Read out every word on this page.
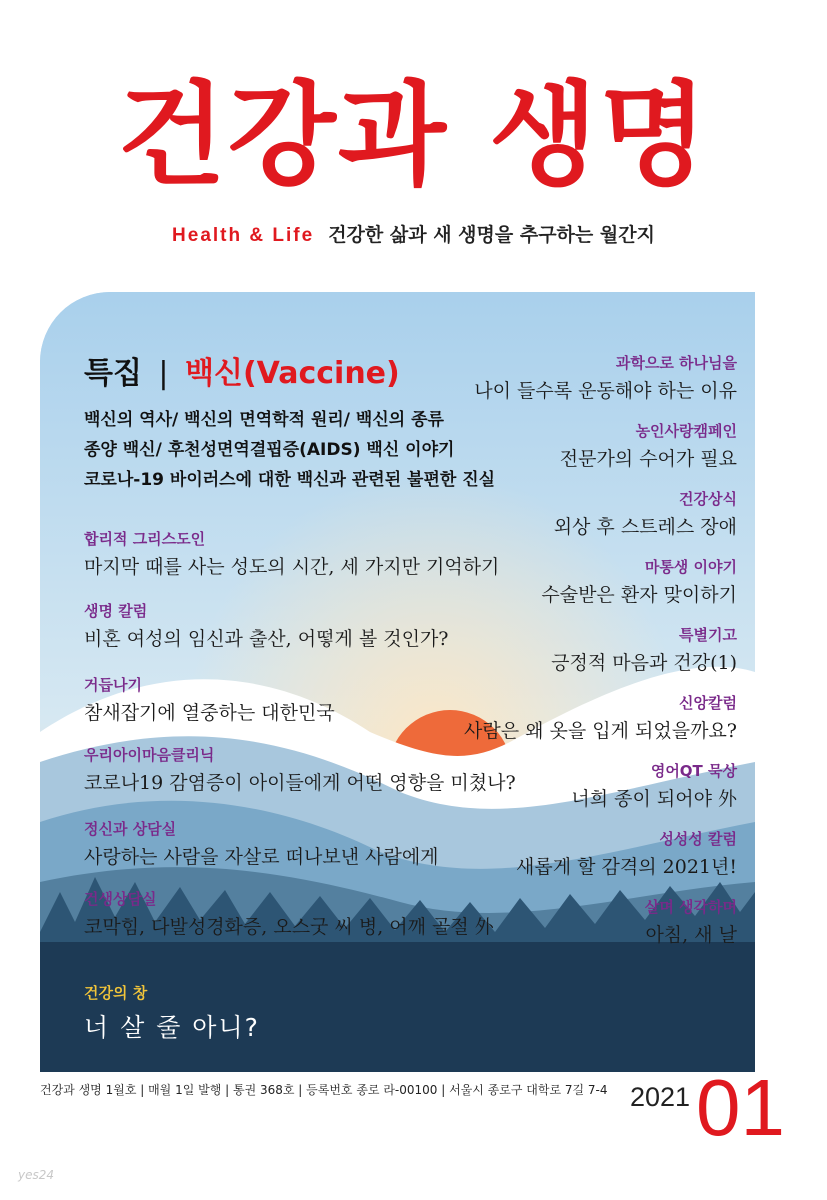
건강과 생명
Health & Life 건강한 삶과 새 생명을 추구하는 월간지
특집 | 백신(Vaccine)
백신의 역사/ 백신의 면역학적 원리/ 백신의 종류
종양 백신/ 후천성면역결핍증(AIDS) 백신 이야기
코로나-19 바이러스에 대한 백신과 관련된 불편한 진실
합리적 그리스도인
마지막 때를 사는 성도의 시간, 세 가지만 기억하기
생명 칼럼
비혼 여성의 임신과 출산, 어떻게 볼 것인가?
거듭나기
참새잡기에 열중하는 대한민국
우리아이마음클리닉
코로나19 감염증이 아이들에게 어떤 영향을 미쳤나?
정신과 상담실
사랑하는 사람을 자살로 떠나보낸 사람에게
건생상담실
코막힘, 다발성경화증, 오스굿 씨 병, 어깨 골절 外
과학으로 하나님을
나이 들수록 운동해야 하는 이유
농인사랑캠페인
전문가의 수어가 필요
건강상식
외상 후 스트레스 장애
마통생 이야기
수술받은 환자 맞이하기
특별기고
긍정적 마음과 건강(1)
신앙칼럼
사람은 왜 옷을 입게 되었을까요?
영어QT 묵상
너희 종이 되어야 外
성성성 칼럼
새롭게 할 감격의 2021년!
살며 생각하며
아침, 새 날
건강의 창
너 살 줄 아니?
건강과 생명 1월호 | 매월 1일 발행 | 통권 368호 | 등록번호 종로 라-00100 | 서울시 종로구 대학로 7길 7-4 2021 01
yes24
